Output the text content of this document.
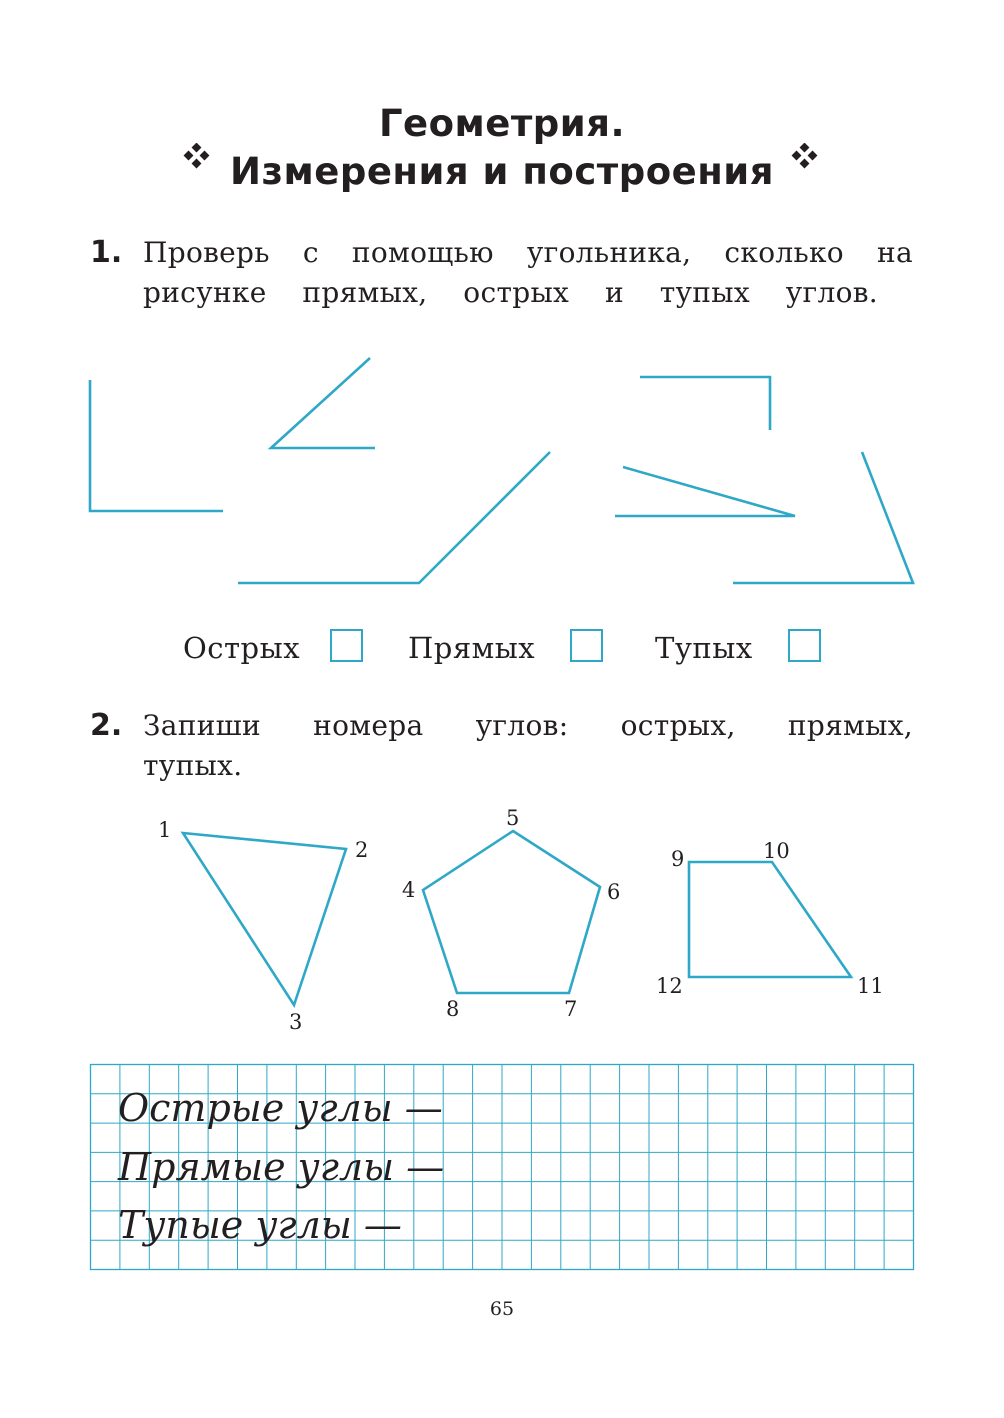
Геометрия.
Измерения и построения
1. Проверь с помощью угольника, сколько на
рисунке прямых, острых и тупых углов.
Острых	Прямых	Тупых
2. Запиши номера углов: острых, прямых,
тупых.
1
2
3
4
5
6
7
8
9	10
11
12
Острые углы —
Прямые углы —
Тупые углы —
65
